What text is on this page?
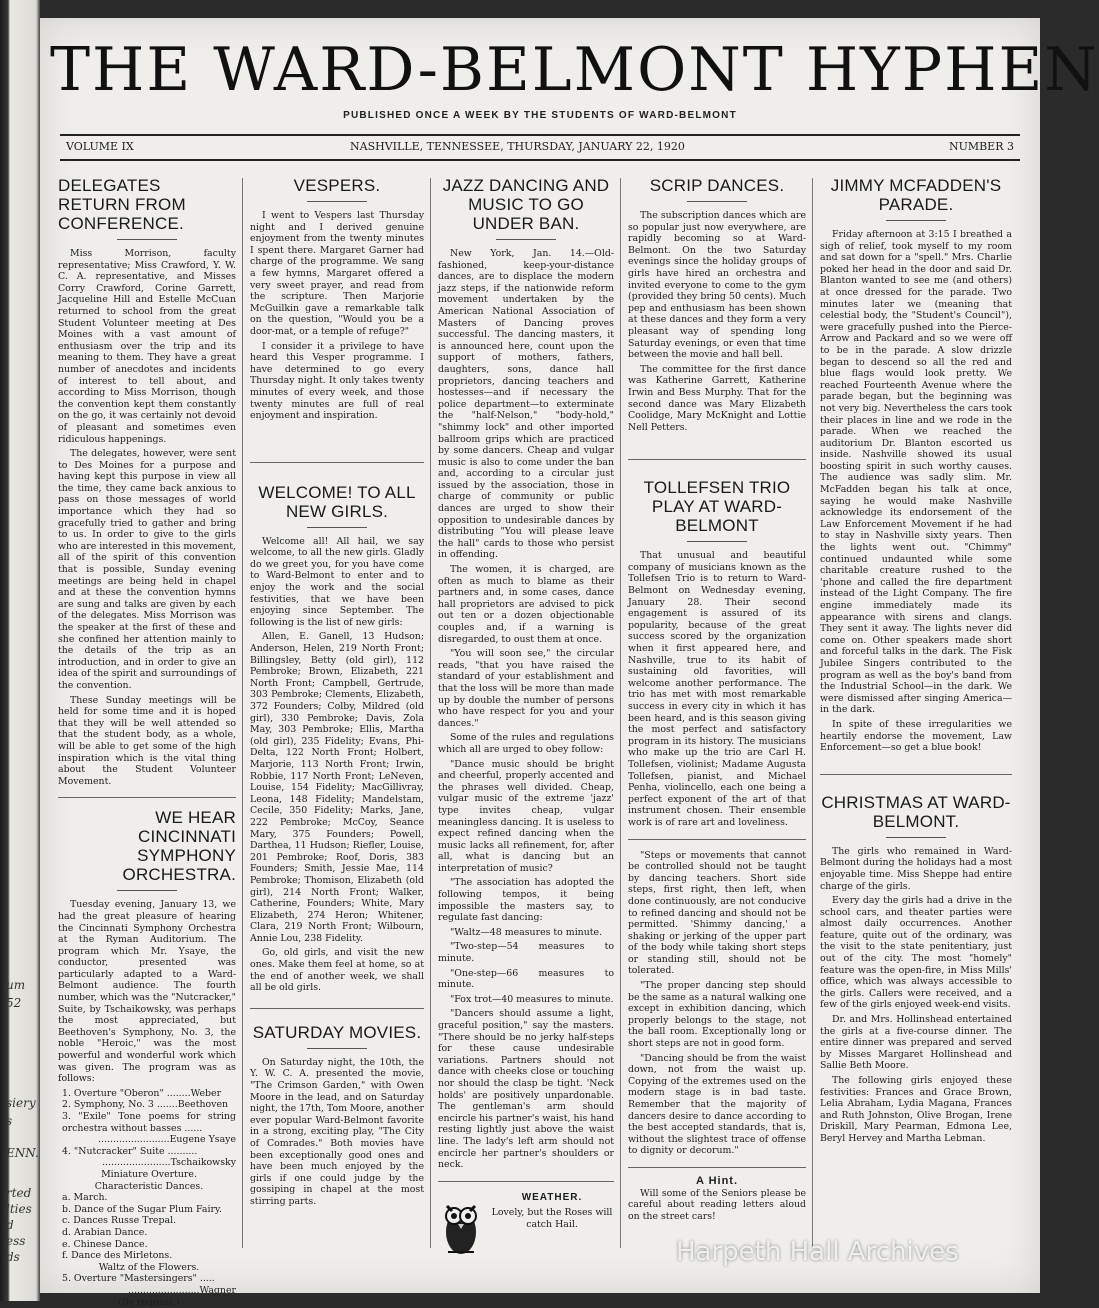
um
52
siery
s
ENN.
rted
lties
d
ess
ds
THE WARD-BELMONT HYPHEN
PUBLISHED ONCE A WEEK BY THE STUDENTS OF WARD-BELMONT
VOLUME IX	NASHVILLE, TENNESSEE, THURSDAY, JANUARY 22, 1920	NUMBER 3
DELEGATES RETURN FROM CONFERENCE.

Miss Morrison, faculty representative; Miss Crawford, Y. W. C. A. representative, and Misses Corry Crawford, Corine Garrett, Jacqueline Hill and Estelle McCuan returned to school from the great Student Volunteer meeting at Des Moines with a vast amount of enthusiasm over the trip and its meaning to them. They have a great number of anecdotes and incidents of interest to tell about, and according to Miss Morrison, though the convention kept them constantly on the go, it was certainly not devoid of pleasant and sometimes even ridiculous happenings.

The delegates, however, were sent to Des Moines for a purpose and having kept this purpose in view all the time, they came back anxious to pass on those messages of world importance which they had so gracefully tried to gather and bring to us. In order to give to the girls who are interested in this movement, all of the spirit of this convention that is possible, Sunday evening meetings are being held in chapel and at these the convention hymns are sung and talks are given by each of the delegates. Miss Morrison was the speaker at the first of these and she confined her attention mainly to the details of the trip as an introduction, and in order to give an idea of the spirit and surroundings of the convention.

These Sunday meetings will be held for some time and it is hoped that they will be well attended so that the student body, as a whole, will be able to get some of the high inspiration which is the vital thing about the Student Volunteer Movement.

WE HEAR CINCINNATI SYMPHONY ORCHESTRA.

Tuesday evening, January 13, we had the great pleasure of hearing the Cincinnati Symphony Orchestra at the Ryman Auditorium. The program which Mr. Ysaye, the conductor, presented was particularly adapted to a Ward-Belmont audience. The fourth number, which was the "Nutcracker," Suite, by Tschaikowsky, was perhaps the most appreciated, but Beethoven's Symphony, No. 3, the noble "Heroic," was the most powerful and wonderful work which was given. The program was as follows:

1. Overture "Oberon" ........Weber

2. Symphony, No. 3 .......Beethoven

3. "Exile" Tone poems for string orchestra without basses ......

........................Eugene Ysaye

4. "Nutcracker" Suite ..........

.......................Tschaikowsky

Miniature Overture.

Characteristic Dances.

a. March.

b. Dance of the Sugar Plum Fairy.

c. Dances Russe Trepal.

d. Arabian Dance.

e. Chinese Dance.

f. Dance des Mirletons.

Waltz of the Flowers.

5. Overture "Mastersingers" .....

........................Wagner

(By request.)

VESPERS.

I went to Vespers last Thursday night and I derived genuine enjoyment from the twenty minutes I spent there. Margaret Garner had charge of the programme. We sang a few hymns, Margaret offered a very sweet prayer, and read from the scripture. Then Marjorie McGuilkin gave a remarkable talk on the question, "Would you be a door-mat, or a temple of refuge?"

I consider it a privilege to have heard this Vesper programme. I have determined to go every Thursday night. It only takes twenty minutes of every week, and those twenty minutes are full of real enjoyment and inspiration.

WELCOME! TO ALL NEW GIRLS.

Welcome all! All hail, we say welcome, to all the new girls. Gladly do we greet you, for you have come to Ward-Belmont to enter and to enjoy the work and the social festivities, that we have been enjoying since September. The following is the list of new girls:

Allen, E. Ganell, 13 Hudson; Anderson, Helen, 219 North Front; Billingsley, Betty (old girl), 112 Pembroke; Brown, Elizabeth, 221 North Front; Campbell, Gertrude, 303 Pembroke; Clements, Elizabeth, 372 Founders; Colby, Mildred (old girl), 330 Pembroke; Davis, Zola May, 303 Pembroke; Ellis, Martha (old girl), 235 Fidelity; Evans, Phi-Delta, 122 North Front; Holbert, Marjorie, 113 North Front; Irwin, Robbie, 117 North Front; LeNeven, Louise, 154 Fidelity; MacGillivray, Leona, 148 Fidelity; Mandelstam, Cecile, 350 Fidelity; Marks, Jane, 222 Pembroke; McCoy, Seance Mary, 375 Founders; Powell, Darthea, 11 Hudson; Riefler, Louise, 201 Pembroke; Roof, Doris, 383 Founders; Smith, Jessie Mae, 114 Pembroke; Thomison, Elizabeth (old girl), 214 North Front; Walker, Catherine, Founders; White, Mary Elizabeth, 274 Heron; Whitener, Clara, 219 North Front; Wilbourn, Annie Lou, 238 Fidelity.

Go, old girls, and visit the new ones. Make them feel at home, so at the end of another week, we shall all be old girls.

SATURDAY MOVIES.

On Saturday night, the 10th, the Y. W. C. A. presented the movie, "The Crimson Garden," with Owen Moore in the lead, and on Saturday night, the 17th, Tom Moore, another ever popular Ward-Belmont favorite in a strong, exciting play, "The City of Comrades." Both movies have been exceptionally good ones and have been much enjoyed by the girls if one could judge by the gossiping in chapel at the most stirring parts.

JAZZ DANCING AND MUSIC TO GO UNDER BAN.

New York, Jan. 14.—Old-fashioned, keep-your-distance dances, are to displace the modern jazz steps, if the nationwide reform movement undertaken by the American National Association of Masters of Dancing proves successful. The dancing masters, it is announced here, count upon the support of mothers, fathers, daughters, sons, dance hall proprietors, dancing teachers and hostesses—and if necessary the police department—to exterminate the "half-Nelson," "body-hold," "shimmy lock" and other imported ballroom grips which are practiced by some dancers. Cheap and vulgar music is also to come under the ban and, according to a circular just issued by the association, those in charge of community or public dances are urged to show their opposition to undesirable dances by distributing "You will please leave the hall" cards to those who persist in offending.

The women, it is charged, are often as much to blame as their partners and, in some cases, dance hall proprietors are advised to pick out ten or a dozen objectionable couples and, if a warning is disregarded, to oust them at once.

"You will soon see," the circular reads, "that you have raised the standard of your establishment and that the loss will be more than made up by double the number of persons who have respect for you and your dances."

Some of the rules and regulations which all are urged to obey follow:

"Dance music should be bright and cheerful, properly accented and the phrases well divided. Cheap, vulgar music of the extreme 'jazz' type invites cheap, vulgar meaningless dancing. It is useless to expect refined dancing when the music lacks all refinement, for, after all, what is dancing but an interpretation of music?

"The association has adopted the following tempos, it being impossible the masters say, to regulate fast dancing:

"Waltz—48 measures to minute.

"Two-step—54 measures to minute.

"One-step—66 measures to minute.

"Fox trot—40 measures to minute.

"Dancers should assume a light, graceful position," say the masters. "There should be no jerky half-steps for these cause undesirable variations. Partners should not dance with cheeks close or touching nor should the clasp be tight. 'Neck holds' are positively unpardonable. The gentleman's arm should encircle his partner's waist, his hand resting lightly just above the waist line. The lady's left arm should not encircle her partner's shoulders or neck.

WEATHER.

Lovely, but the Roses will catch Hail.

SCRIP DANCES.

The subscription dances which are so popular just now everywhere, are rapidly becoming so at Ward-Belmont. On the two Saturday evenings since the holiday groups of girls have hired an orchestra and invited everyone to come to the gym (provided they bring 50 cents). Much pep and enthusiasm has been shown at these dances and they form a very pleasant way of spending long Saturday evenings, or even that time between the movie and hall bell.

The committee for the first dance was Katherine Garrett, Katherine Irwin and Bess Murphy. That for the second dance was Mary Elizabeth Coolidge, Mary McKnight and Lottie Nell Petters.

TOLLEFSEN TRIO PLAY AT WARD-BELMONT

That unusual and beautiful company of musicians known as the Tollefsen Trio is to return to Ward-Belmont on Wednesday evening, January 28. Their second engagement is assured of its popularity, because of the great success scored by the organization when it first appeared here, and Nashville, true to its habit of sustaining old favorities, will welcome another performance. The trio has met with most remarkable success in every city in which it has been heard, and is this season giving the most perfect and satisfactory program in its history. The musicians who make up the trio are Carl H. Tollefsen, violinist; Madame Augusta Tollefsen, pianist, and Michael Penha, violincello, each one being a perfect exponent of the art of that instrument chosen. Their ensemble work is of rare art and loveliness.

"Steps or movements that cannot be controlled should not be taught by dancing teachers. Short side steps, first right, then left, when done continuously, are not conducive to refined dancing and should not be permitted. 'Shimmy dancing,' a shaking or jerking of the upper part of the body while taking short steps or standing still, should not be tolerated.

"The proper dancing step should be the same as a natural walking one except in exhibition dancing, which properly belongs to the stage, not the ball room. Exceptionally long or short steps are not in good form.

"Dancing should be from the waist down, not from the waist up. Copying of the extremes used on the modern stage is in bad taste. Remember that the majority of dancers desire to dance according to the best accepted standards, that is, without the slightest trace of offense to dignity or decorum."

A Hint.

Will some of the Seniors please be careful about reading letters aloud on the street cars!

JIMMY MCFADDEN'S PARADE.

Friday afternoon at 3:15 I breathed a sigh of relief, took myself to my room and sat down for a "spell." Mrs. Charlie poked her head in the door and said Dr. Blanton wanted to see me (and others) at once dressed for the parade. Two minutes later we (meaning that celestial body, the "Student's Council"), were gracefully pushed into the Pierce-Arrow and Packard and so we were off to be in the parade. A slow drizzle began to descend so all the red and blue flags would look pretty. We reached Fourteenth Avenue where the parade began, but the beginning was not very big. Nevertheless the cars took their places in line and we rode in the parade. When we reached the auditorium Dr. Blanton escorted us inside. Nashville showed its usual boosting spirit in such worthy causes. The audience was sadly slim. Mr. McFadden began his talk at once, saying he would make Nashville acknowledge its endorsement of the Law Enforcement Movement if he had to stay in Nashville sixty years. Then the lights went out. "Chimmy" continued undaunted while some charitable creature rushed to the 'phone and called the fire department instead of the Light Company. The fire engine immediately made its appearance with sirens and clangs. They sent it away. The lights never did come on. Other speakers made short and forceful talks in the dark. The Fisk Jubilee Singers contributed to the program as well as the boy's band from the Industrial School—in the dark. We were dismissed after singing America—in the dark.

In spite of these irregularities we heartily endorse the movement, Law Enforcement—so get a blue book!

CHRISTMAS AT WARD-BELMONT.

The girls who remained in Ward-Belmont during the holidays had a most enjoyable time. Miss Sheppe had entire charge of the girls.

Every day the girls had a drive in the school cars, and theater parties were almost daily occurrences. Another feature, quite out of the ordinary, was the visit to the state penitentiary, just out of the city. The most "homely" feature was the open-fire, in Miss Mills' office, which was always accessible to the girls. Callers were received, and a few of the girls enjoyed week-end visits.

Dr. and Mrs. Hollinshead entertained the girls at a five-course dinner. The entire dinner was prepared and served by Misses Margaret Hollinshead and Sallie Beth Moore.

The following girls enjoyed these festivities: Frances and Grace Brown, Lelia Abraham, Lydia Magana, Frances and Ruth Johnston, Olive Brogan, Irene Driskill, Mary Pearman, Edmona Lee, Beryl Hervey and Martha Lebman.

Harpeth Hall Archives
